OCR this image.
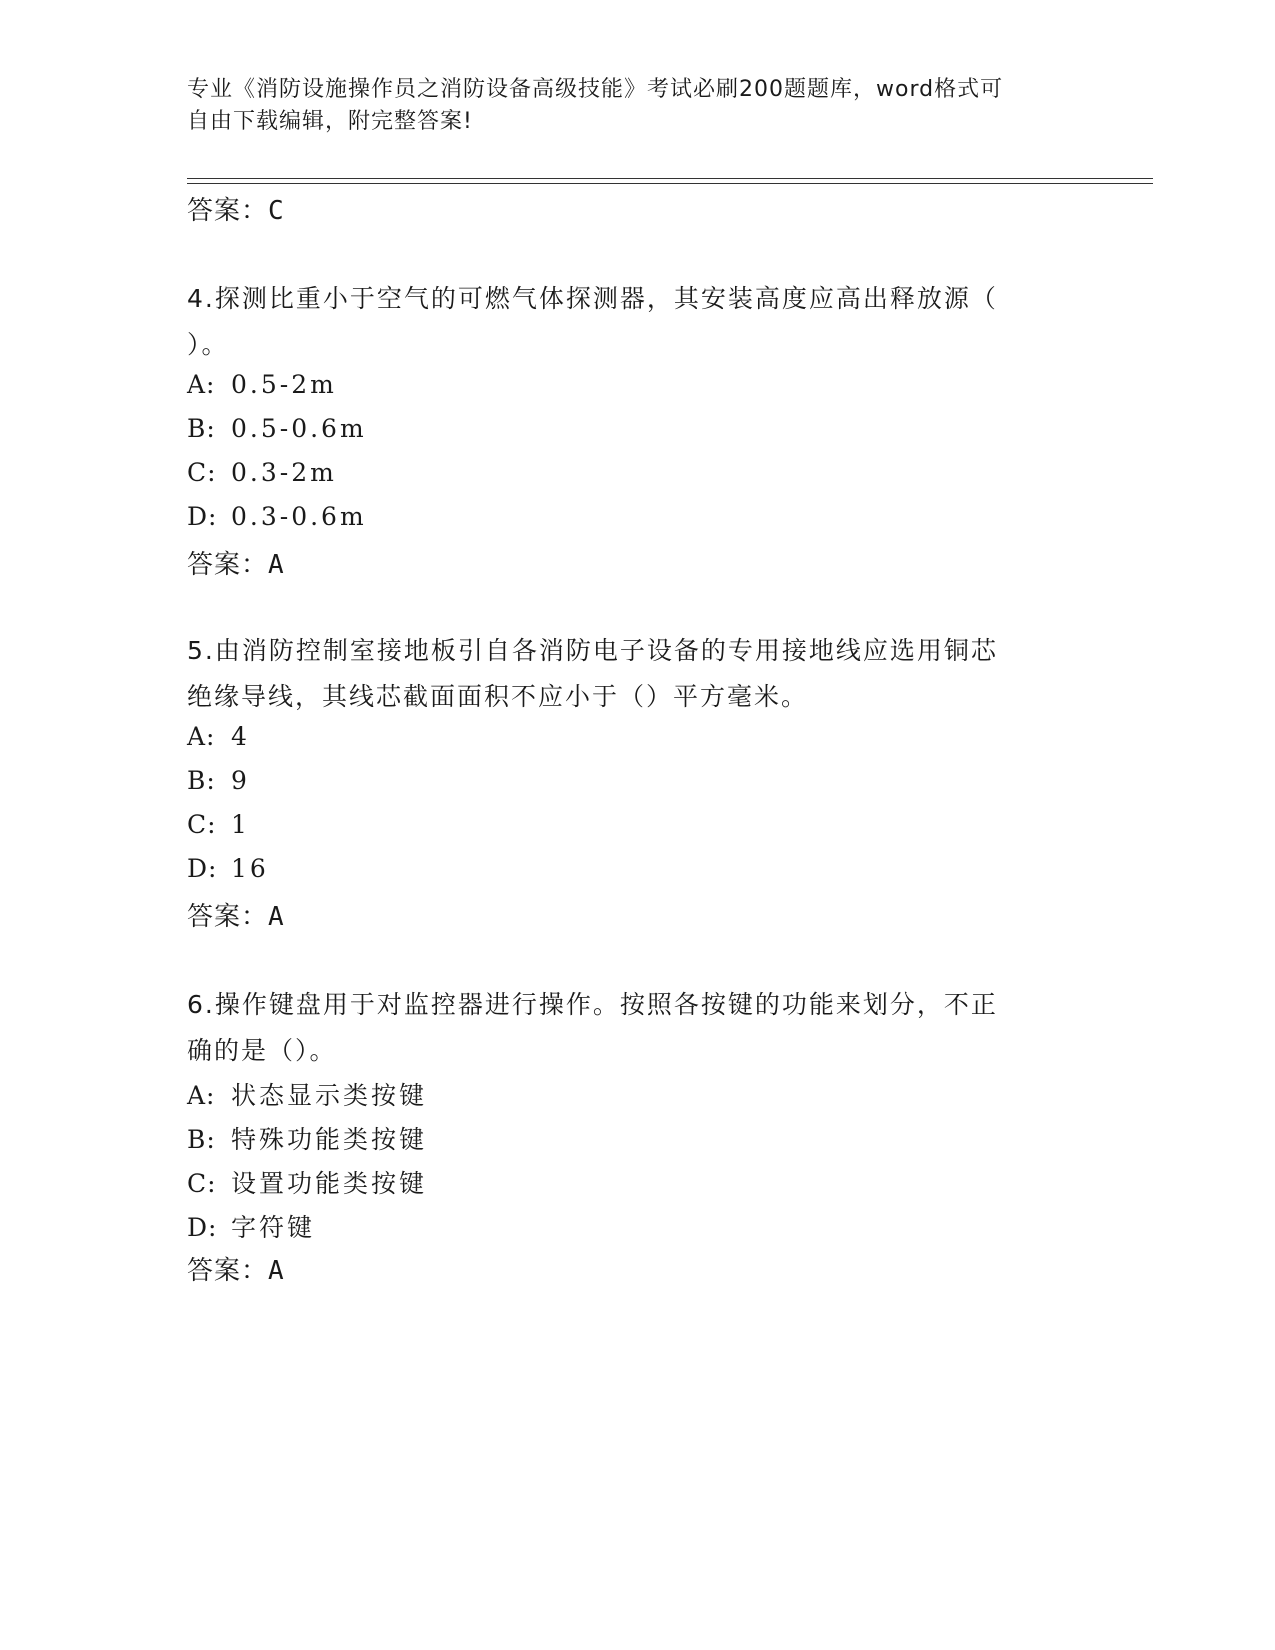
专业《消防设施操作员之消防设备高级技能》考试必刷200题题库，word格式可
自由下载编辑，附完整答案!
答案：C
4.探测比重小于空气的可燃气体探测器，其安装高度应高出释放源（
）。
A: 0.5-2m
B: 0.5-0.6m
C: 0.3-2m
D: 0.3-0.6m
答案：A
5.由消防控制室接地板引自各消防电子设备的专用接地线应选用铜芯
绝缘导线，其线芯截面面积不应小于（）平方毫米。
A: 4
B: 9
C: 1
D: 16
答案：A
6.操作键盘用于对监控器进行操作。按照各按键的功能来划分，不正
确的是（）。
A: 状态显示类按键
B: 特殊功能类按键
C: 设置功能类按键
D: 字符键
答案：A
